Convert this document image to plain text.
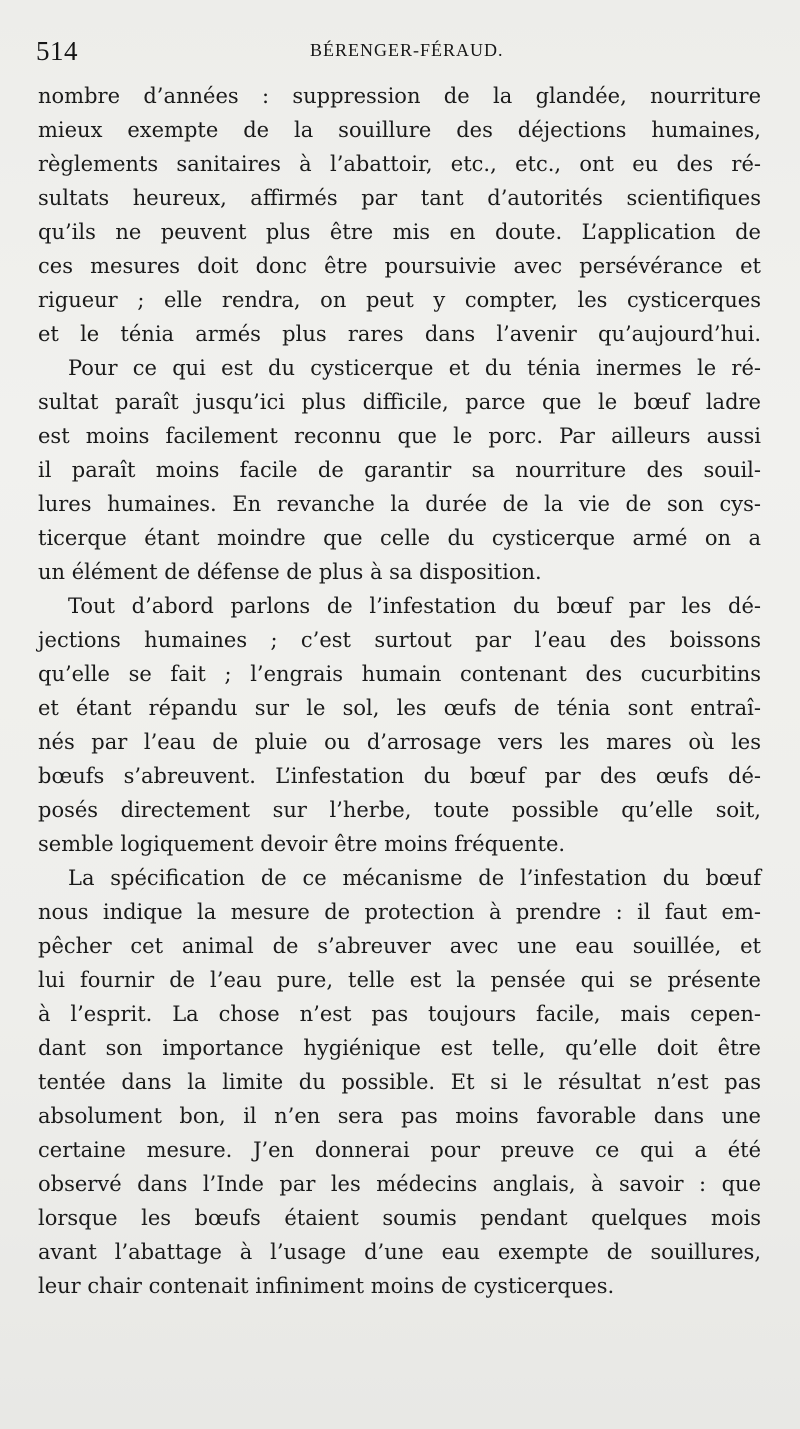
514	BÉRENGER-FÉRAUD.
nombre d’années : suppression de la glandée, nourriture
mieux exempte de la souillure des déjections humaines,
règlements sanitaires à l’abattoir, etc., etc., ont eu des ré-
sultats heureux, affirmés par tant d’autorités scientifiques
qu’ils ne peuvent plus être mis en doute. L’application de
ces mesures doit donc être poursuivie avec persévérance et
rigueur ; elle rendra, on peut y compter, les cysticerques
et le ténia armés plus rares dans l’avenir qu’aujourd’hui.
Pour ce qui est du cysticerque et du ténia inermes le ré-
sultat paraît jusqu’ici plus difficile, parce que le bœuf ladre
est moins facilement reconnu que le porc. Par ailleurs aussi
il paraît moins facile de garantir sa nourriture des souil-
lures humaines. En revanche la durée de la vie de son cys-
ticerque étant moindre que celle du cysticerque armé on a
un élément de défense de plus à sa disposition.
Tout d’abord parlons de l’infestation du bœuf par les dé-
jections humaines ; c’est surtout par l’eau des boissons
qu’elle se fait ; l’engrais humain contenant des cucurbitins
et étant répandu sur le sol, les œufs de ténia sont entraî-
nés par l’eau de pluie ou d’arrosage vers les mares où les
bœufs s’abreuvent. L’infestation du bœuf par des œufs dé-
posés directement sur l’herbe, toute possible qu’elle soit,
semble logiquement devoir être moins fréquente.
La spécification de ce mécanisme de l’infestation du bœuf
nous indique la mesure de protection à prendre : il faut em-
pêcher cet animal de s’abreuver avec une eau souillée, et
lui fournir de l’eau pure, telle est la pensée qui se présente
à l’esprit. La chose n’est pas toujours facile, mais cepen-
dant son importance hygiénique est telle, qu’elle doit être
tentée dans la limite du possible. Et si le résultat n’est pas
absolument bon, il n’en sera pas moins favorable dans une
certaine mesure. J’en donnerai pour preuve ce qui a été
observé dans l’Inde par les médecins anglais, à savoir : que
lorsque les bœufs étaient soumis pendant quelques mois
avant l’abattage à l’usage d’une eau exempte de souillures,
leur chair contenait infiniment moins de cysticerques.
